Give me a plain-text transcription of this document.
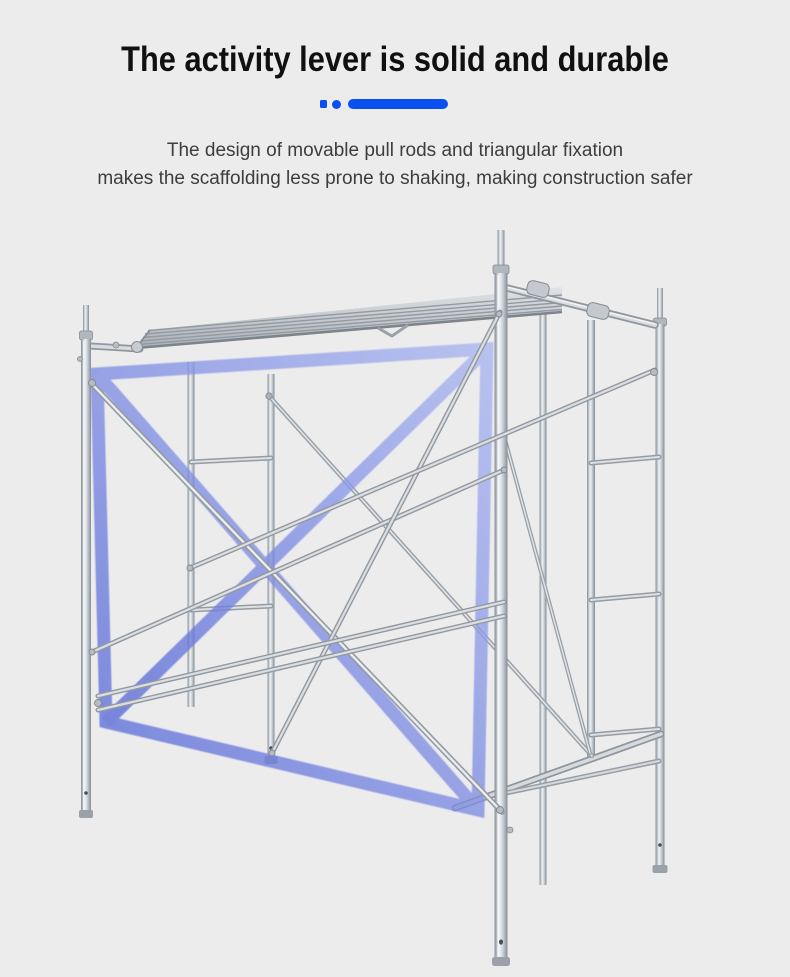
The activity lever is solid and durable
The design of movable pull rods and triangular fixation
makes the scaffolding less prone to shaking, making construction safer
